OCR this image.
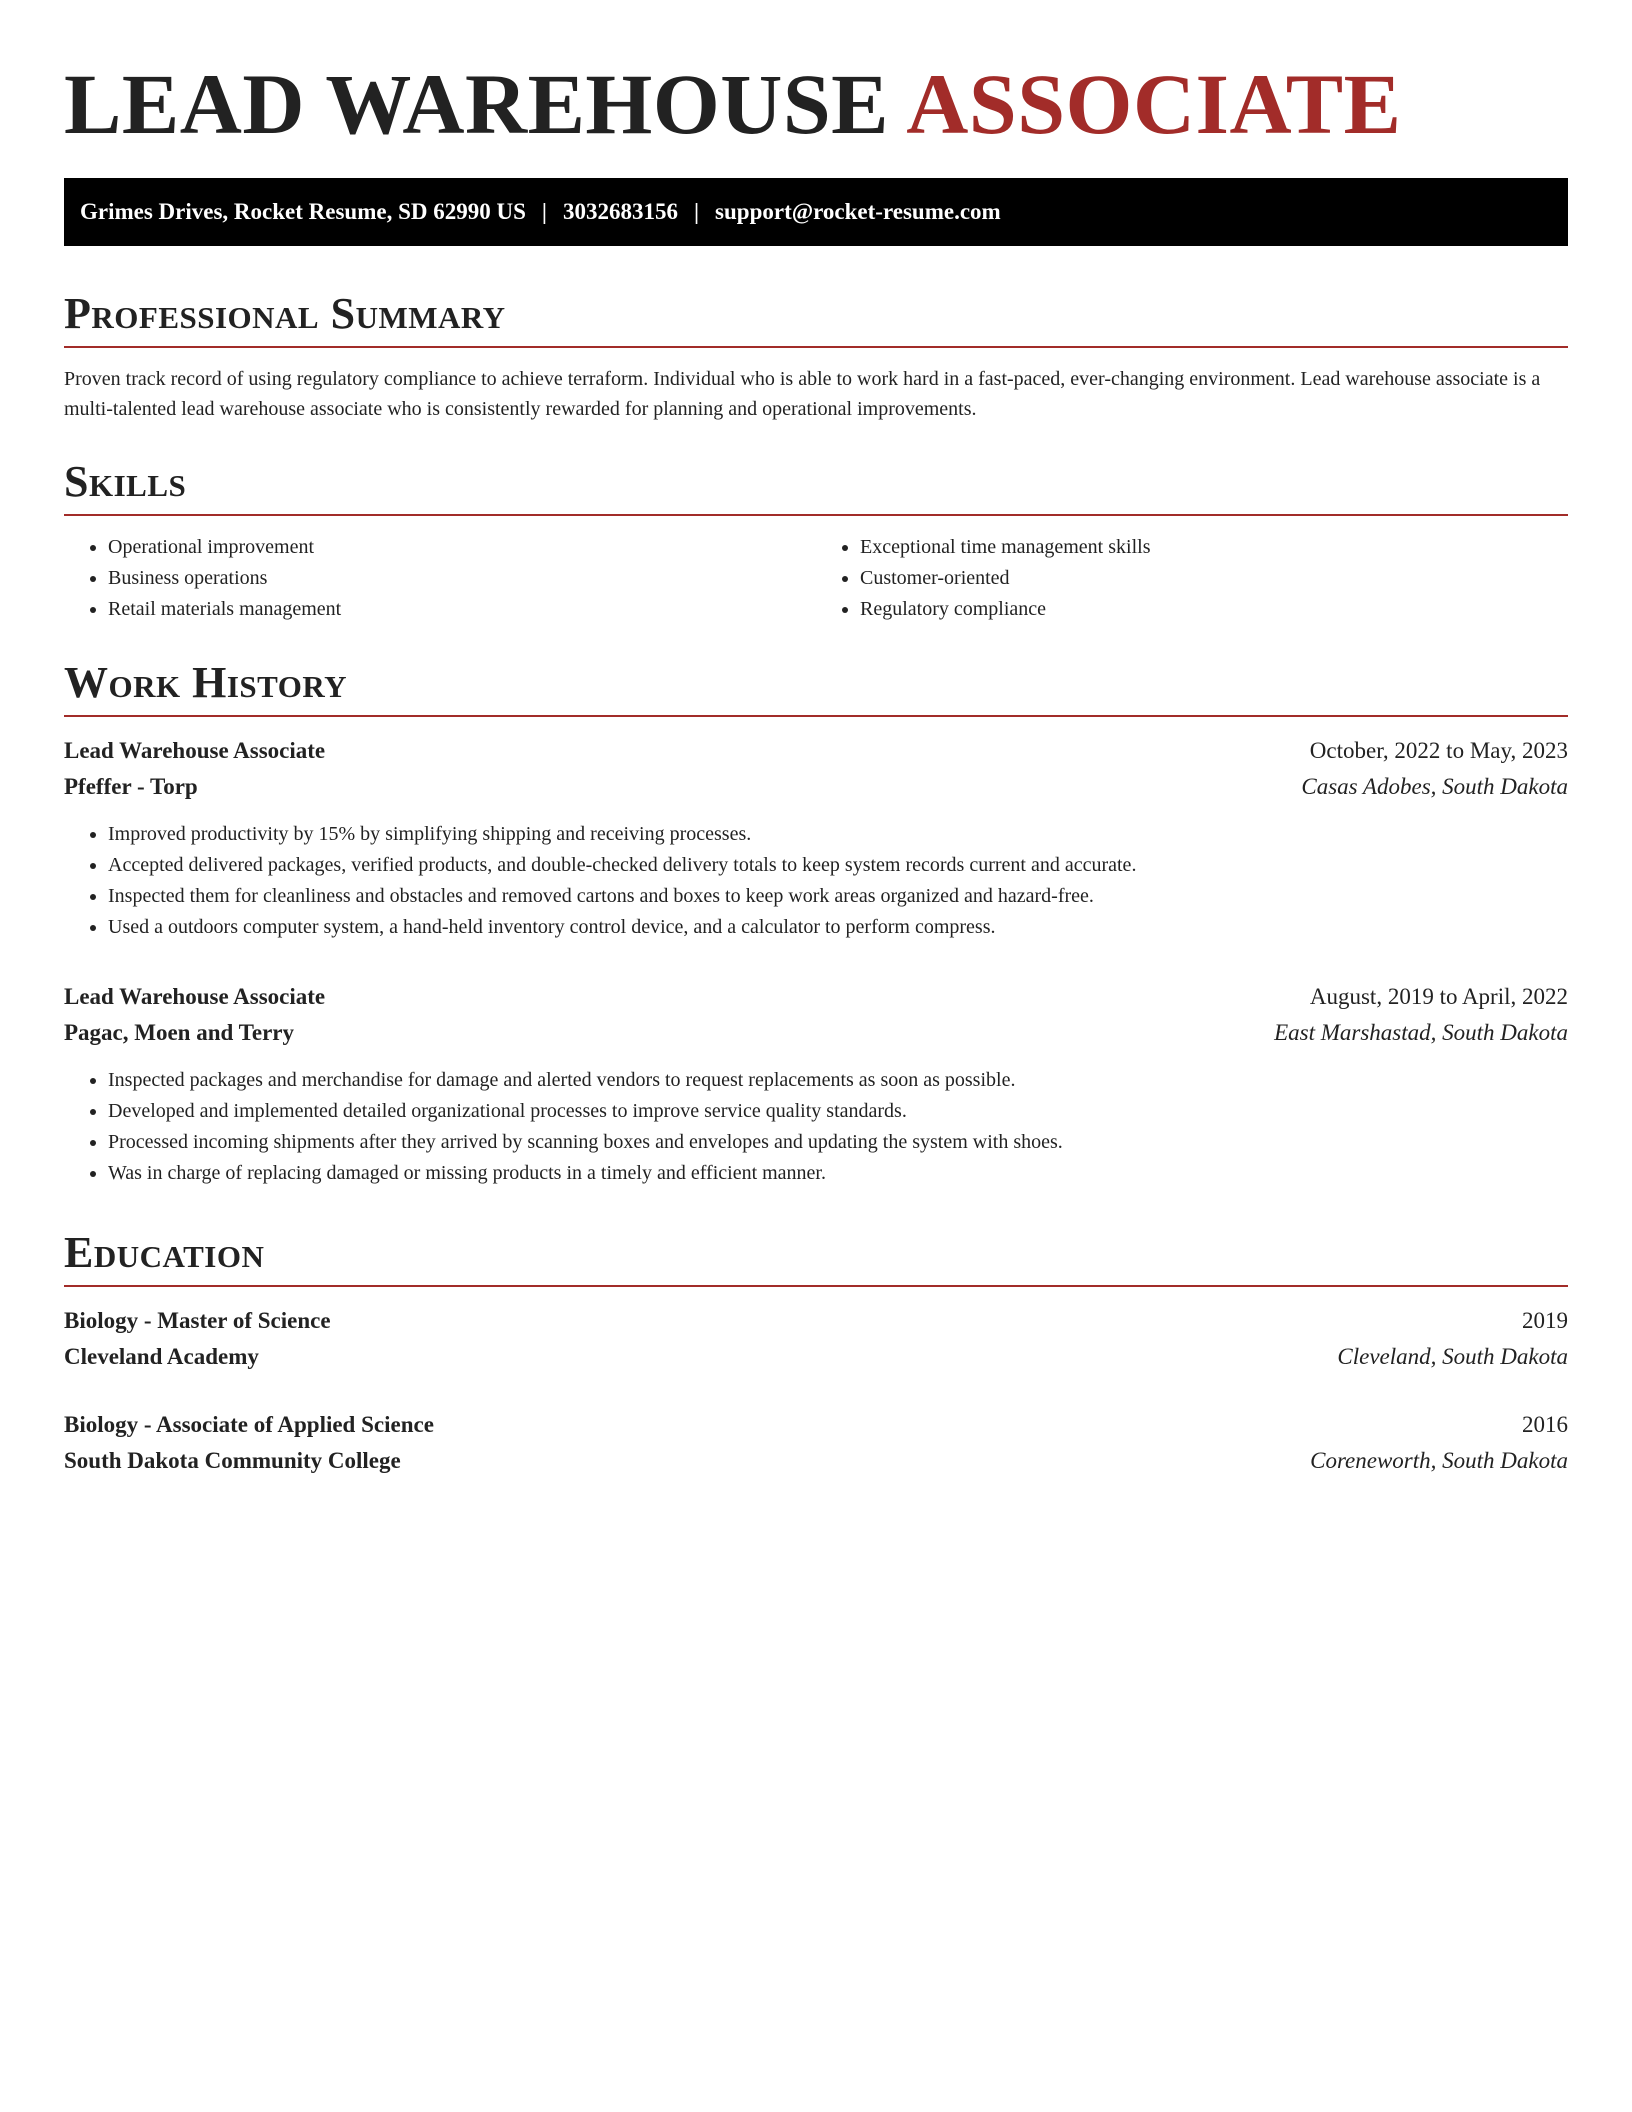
LEAD WAREHOUSE ASSOCIATE
Grimes Drives, Rocket Resume, SD 62990 US | 3032683156 | support@rocket-resume.com
Professional Summary

Proven track record of using regulatory compliance to achieve terraform. Individual who is able to work hard in a fast-paced, ever-changing environment. Lead warehouse associate is a multi-talented lead warehouse associate who is consistently rewarded for planning and operational improvements.

Skills
• Operational improvement
• Business operations
• Retail materials management
• Exceptional time management skills
• Customer-oriented
• Regulatory compliance
Work History
Lead Warehouse Associate	October, 2022 to May, 2023
Pfeffer - Torp	Casas Adobes, South Dakota
• Improved productivity by 15% by simplifying shipping and receiving processes.
• Accepted delivered packages, verified products, and double-checked delivery totals to keep system records current and accurate.
• Inspected them for cleanliness and obstacles and removed cartons and boxes to keep work areas organized and hazard-free.
• Used a outdoors computer system, a hand-held inventory control device, and a calculator to perform compress.
Lead Warehouse Associate	August, 2019 to April, 2022
Pagac, Moen and Terry	East Marshastad, South Dakota
• Inspected packages and merchandise for damage and alerted vendors to request replacements as soon as possible.
• Developed and implemented detailed organizational processes to improve service quality standards.
• Processed incoming shipments after they arrived by scanning boxes and envelopes and updating the system with shoes.
• Was in charge of replacing damaged or missing products in a timely and efficient manner.
Education
Biology - Master of Science	2019
Cleveland Academy	Cleveland, South Dakota
Biology - Associate of Applied Science	2016
South Dakota Community College	Coreneworth, South Dakota
